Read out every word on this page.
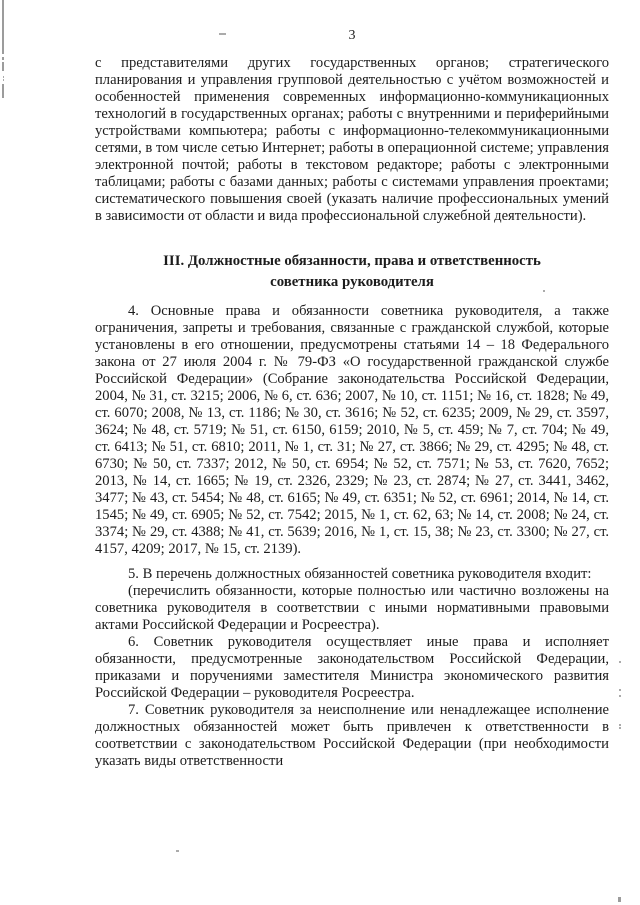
3

с представителями других государственных органов; стратегического планирования и управления групповой деятельностью с учётом возможностей и особенностей применения современных информационно-коммуникационных технологий в государственных органах; работы с внутренними и периферийными устройствами компьютера; работы с информационно-телекоммуникационными сетями, в том числе сетью Интернет; работы в операционной системе; управления электронной почтой; работы в текстовом редакторе; работы с электронными таблицами; работы с базами данных; работы с системами управления проектами; систематического повышения своей (указать наличие профессиональных умений в зависимости от области и вида профессиональной служебной деятельности).

III. Должностные обязанности, права и ответственность
советника руководителя

4. Основные права и обязанности советника руководителя, а также ограничения, запреты и требования, связанные с гражданской службой, которые установлены в его отношении, предусмотрены статьями 14 – 18 Федерального закона от 27 июля 2004 г. № 79-ФЗ «О государственной гражданской службе Российской Федерации» (Собрание законодательства Российской Федерации, 2004, № 31, ст. 3215; 2006, № 6, ст. 636; 2007, № 10, ст. 1151; № 16, ст. 1828; № 49, ст. 6070; 2008, № 13, ст. 1186; № 30, ст. 3616; № 52, ст. 6235; 2009, № 29, ст. 3597, 3624; № 48, ст. 5719; № 51, ст. 6150, 6159; 2010, № 5, ст. 459; № 7, ст. 704; № 49, ст. 6413; № 51, ст. 6810; 2011, № 1, ст. 31; № 27, ст. 3866; № 29, ст. 4295; № 48, ст. 6730; № 50, ст. 7337; 2012, № 50, ст. 6954; № 52, ст. 7571; № 53, ст. 7620, 7652; 2013, № 14, ст. 1665; № 19, ст. 2326, 2329; № 23, ст. 2874; № 27, ст. 3441, 3462, 3477; № 43, ст. 5454; № 48, ст. 6165; № 49, ст. 6351; № 52, ст. 6961; 2014, № 14, ст. 1545; № 49, ст. 6905; № 52, ст. 7542; 2015, № 1, ст. 62, 63; № 14, ст. 2008; № 24, ст. 3374; № 29, ст. 4388; № 41, ст. 5639; 2016, № 1, ст. 15, 38; № 23, ст. 3300; № 27, ст. 4157, 4209; 2017, № 15, ст. 2139).

5. В перечень должностных обязанностей советника руководителя входит:

(перечислить обязанности, которые полностью или частично возложены на советника руководителя в соответствии с иными нормативными правовыми актами Российской Федерации и Росреестра).

6. Советник руководителя осуществляет иные права и исполняет обязанности, предусмотренные законодательством Российской Федерации, приказами и поручениями заместителя Министра экономического развития Российской Федерации – руководителя Росреестра.

7. Советник руководителя за неисполнение или ненадлежащее исполнение должностных обязанностей может быть привлечен к ответственности в соответствии с законодательством Российской Федерации (при необходимости указать виды ответственности
